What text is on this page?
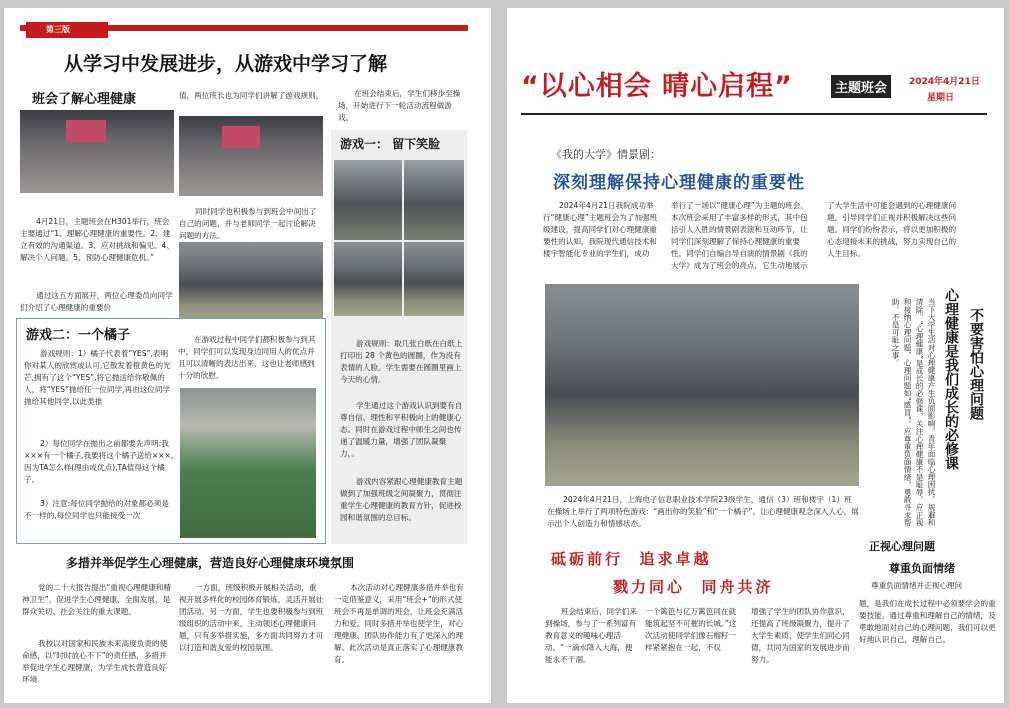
第三版
从学习中发展进步，从游戏中学习了解
班会了解心理健康

4月21日，主题班会在H301举行，班会主要通过“1、理解心理健康的重要性。2、建立有效的沟通渠道。3、应对挑战和偏见。4、解决个人问题。5、预防心理健康危机。”

通过这五方面展开，两位心理委员向同学们介绍了心理健康的重要价

值，两位班长也为同学们讲解了游戏规则。

同时同学也积极参与到班会中间出了自己的问题，并与老师同学一起讨论解决问题的方法。

在班会结束后，学生们移步至操场，开始进行下一轮活动流程做游戏。

游戏一： 留下笑脸

游戏规则：取几张白纸在白纸上打印出 28 个黄色的圆圈，作为没有表情的人脸。学生需要在圆圈里画上今天的心情。

学生通过这个游戏认识到要有自尊自信、理性和平积极向上的健康心态。同时在游戏过程中师生之间也传递了温暖力量，增强了团队凝聚力，。

游戏内容紧跟心理健康教育主题做到了加强班级之间凝聚力，贯彻注重学生心理健康的教育方针，促进校园和谐氛围的总目标。

游戏二：一个橘子

游戏规则：1）橘子代表着“YES”,表明你对某人的欣赏或认可,它散发着橙黄色的光芒,拥有了这个“YES”,将它抛送给你敬佩的人，将“YES”抛给任一位同学,再由这位同学抛给其他同学,以此类推

2）每位同学在抛出之前都要先声明:我×××有一个橘子,我要将这个橘子送给×××,因为TA怎么样(理由或优点),TA值得这个橘子。

3）注意:每位同学抛给的对象都必须是不一样的,每位同学也只能接受一次

在游戏过程中同学们都积极参与到其中，同学们可以发现身边同用人的优点并且可以清晰的表达出来，这也让老师感到十分的欣慰。

多措并举促学生心理健康，营造良好心理健康环境氛围

党的二十大报告提出“重视心理健康和精神卫生”，促进学生心理健康、全面发展，是群众关切、社会关注的重大课题。

我校以对国家和民族未来高度负责的使命感，以“时时放心不下”的责任感，多措并举促进学生心理健康，为学生成长营造良好环境

一方面，班级积极开展相关活动，重视开展多样化的校园体育锻炼，灵活开展社团活动。另一方面，学生也要积极参与到班级组织的活动中来，主动领述心理健康问题，只有多举措实施，多方面共同努力才可以打造和谐友爱的校园氛围。

本次活动对心理健康多措并举也有一定借鉴意义，采用“班会+”的形式使班会不再是单调的班会，让班会充满活力和爱，同时多措并举也使学生，对心理健康、团队协作能力有了更深入的理解。此次活动是真正落实了心理健康教育。

“以心相会 晴心启程”	主题班会	2024年4月21日
星期日
《我的大学》情景剧：
深刻理解保持心理健康的重要性

2024年4月21日我院成功举行“健康心理”主题班会为了加强班级建设，提高同学们对心理健康重要性的认知，我院现代通信技术和楼宇智能化专业的学生们，成功

举行了一场以“健康心理”为主题的班会。本次班会采用了丰富多样的形式，其中包括引人入胜的情景剧表演和互动环节，让同学们深刻理解了保持心理健康的重要性。同学们自编自导自演的情景剧《我的大学》成为了班会的亮点，它生动地展示

了大学生活中可能会遇到的心理健康问题，引导同学们正视并积极解决这些问题。同学们纷纷表示，将以更加积极的心态迎接未来的挑战，努力实现自己的人生目标。

2024年4月21日，上海电子信息职业技术学院23级学生，通信（3）班和楼宇（1）班在操场上举行了两项特色游戏：“画出你的笑脸”和“一个橘子”。让心理健康观念深入人心，展示出个人创造力和情感状态。

不要害怕心理问题
心理健康是我们成长的必修课
当下大学生活对心理健康产生负面影响。青年面临心理困扰、规避和清除。“心理健康”是成长的必修课，关注心理健康不是耻辱，应正视和接纳心理问题，心理问题如“感冒”，应尊重负面情绪，勇敢寻求帮助，不是可耻之事。
砥砺前行  追求卓越
戮力同心  同舟共济
正视心理问题
尊重负面情绪

尊重负面情绪并正视心理问

题，是我们在成长过程中必须要学会的重要技能。通过尊重和理解自己的情绪，及勇敢地面对自己的心理问题，我们可以更好地认识自己，理解自己。

班会结束后，同学们来到操场，参与了一系列富有教育意义的趣味心理活动。“一滴水降入大海，便能永不干涸。

一个篱笆与亿万篱笆同在就能筑起坚不可摧的长城。”这次活动使同学们像石榴籽一样紧紧抱在一起，不仅

增强了学生的团队协作意识，还提高了班级凝聚力，提升了大学生素质，使学生们同心同德，共同为国家的发展进步而努力。
